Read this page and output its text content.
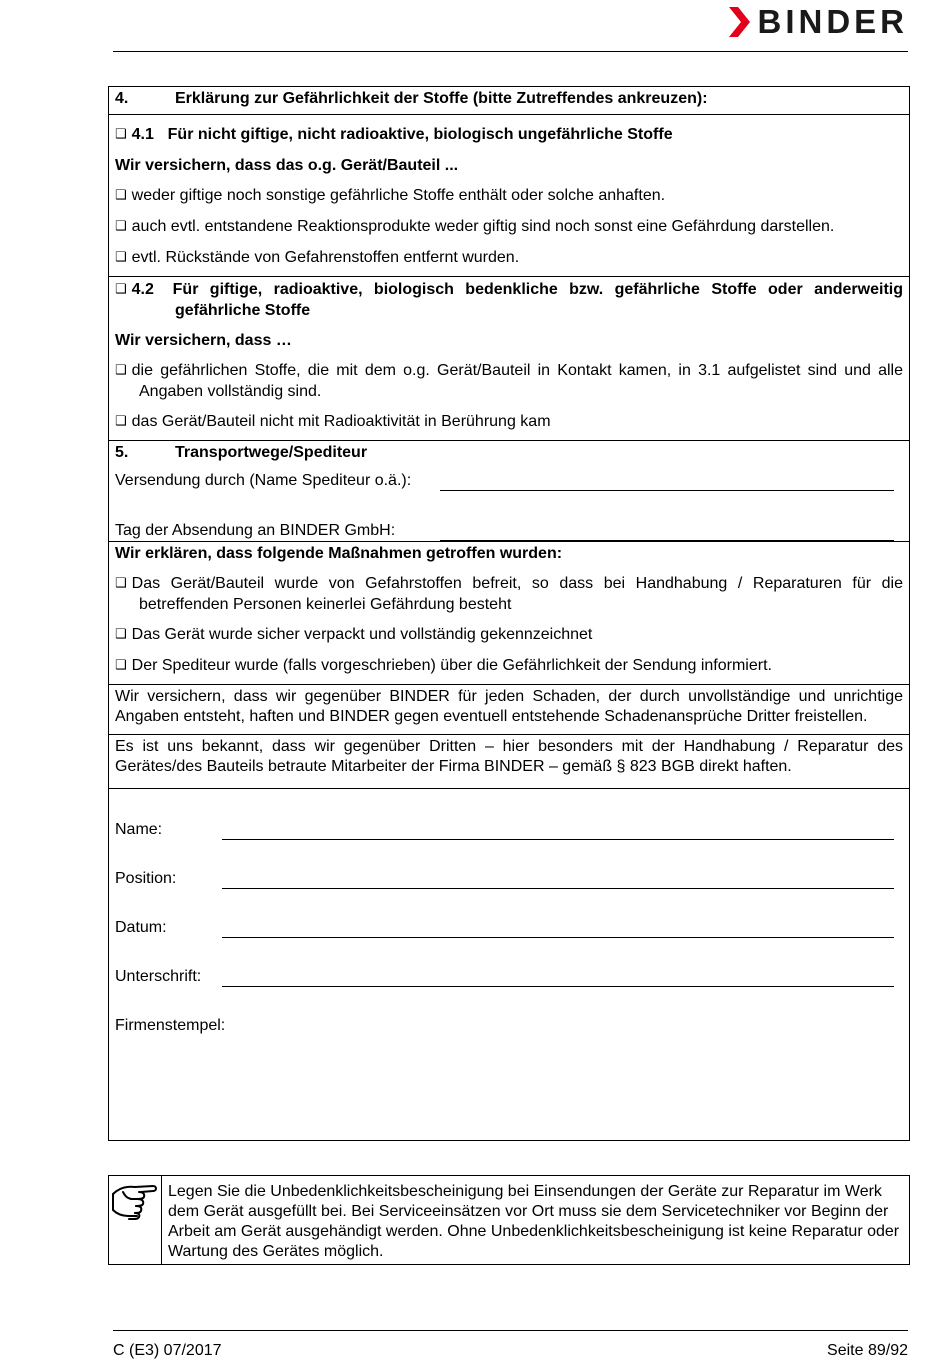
BINDER
4.	Erklärung zur Gefährlichkeit der Stoffe (bitte Zutreffendes ankreuzen):
❑ 4.1 Für nicht giftige, nicht radioaktive, biologisch ungefährliche Stoffe
Wir versichern, dass das o.g. Gerät/Bauteil ...
❑ weder giftige noch sonstige gefährliche Stoffe enthält oder solche anhaften.
❑ auch evtl. entstandene Reaktionsprodukte weder giftig sind noch sonst eine Gefährdung darstellen.
❑ evtl. Rückstände von Gefahrenstoffen entfernt wurden.
❑ 4.2 Für giftige, radioaktive, biologisch bedenkliche bzw. gefährliche Stoffe oder anderweitig gefährliche Stoffe
Wir versichern, dass …
❑ die gefährlichen Stoffe, die mit dem o.g. Gerät/Bauteil in Kontakt kamen, in 3.1 aufgelistet sind und alle Angaben vollständig sind.
❑ das Gerät/Bauteil nicht mit Radioaktivität in Berührung kam
5.	Transportwege/Spediteur
Versendung durch (Name Spediteur o.ä.):
Tag der Absendung an BINDER GmbH:
Wir erklären, dass folgende Maßnahmen getroffen wurden:
❑ Das Gerät/Bauteil wurde von Gefahrstoffen befreit, so dass bei Handhabung / Reparaturen für die betreffenden Personen keinerlei Gefährdung besteht
❑ Das Gerät wurde sicher verpackt und vollständig gekennzeichnet
❑ Der Spediteur wurde (falls vorgeschrieben) über die Gefährlichkeit der Sendung informiert.
Wir versichern, dass wir gegenüber BINDER für jeden Schaden, der durch unvollständige und unrichtige Angaben entsteht, haften und BINDER gegen eventuell entstehende Schadenansprüche Dritter freistellen.
Es ist uns bekannt, dass wir gegenüber Dritten – hier besonders mit der Handhabung / Reparatur des Gerätes/des Bauteils betraute Mitarbeiter der Firma BINDER – gemäß § 823 BGB direkt haften.
Name:
Position:
Datum:
Unterschrift:
Firmenstempel:
Legen Sie die Unbedenklichkeitsbescheinigung bei Einsendungen der Geräte zur Reparatur im Werk dem Gerät ausgefüllt bei. Bei Serviceeinsätzen vor Ort muss sie dem Servicetechniker vor Beginn der Arbeit am Gerät ausgehändigt werden. Ohne Unbedenklichkeitsbescheinigung ist keine Reparatur oder Wartung des Gerätes möglich.
C (E3) 07/2017	Seite 89/92
